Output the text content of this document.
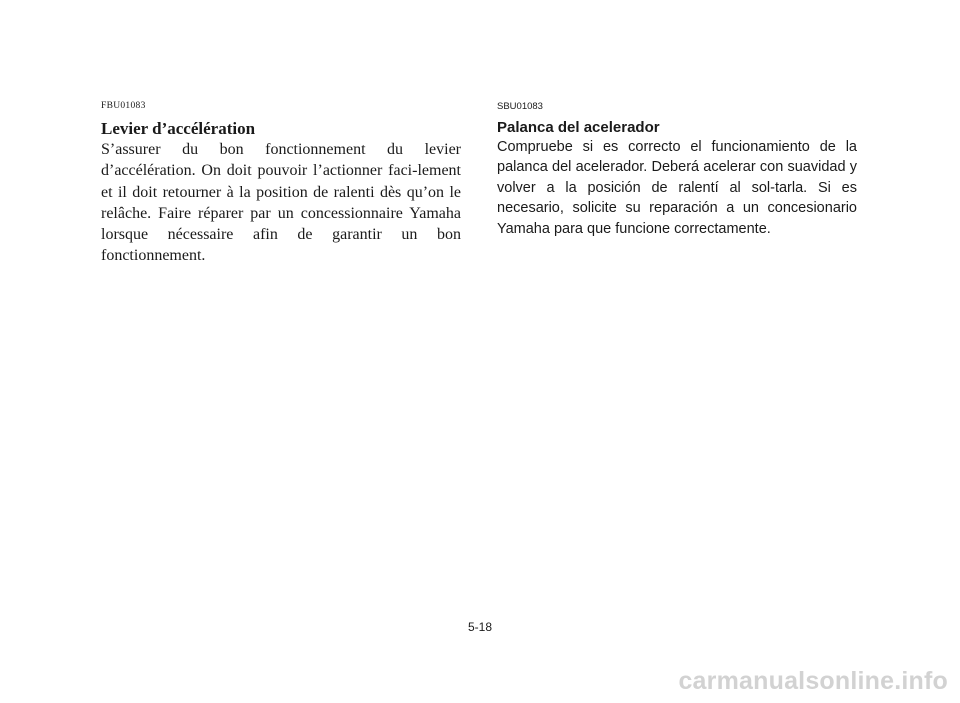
FBU01083
Levier d’accélération
S’assurer du bon fonctionnement du levier d’accélération. On doit pouvoir l’actionner faci-lement et il doit retourner à la position de ralenti dès qu’on le relâche. Faire réparer par un concessionnaire Yamaha lorsque nécessaire afin de garantir un bon fonctionnement.
SBU01083
Palanca del acelerador
Compruebe si es correcto el funcionamiento de la palanca del acelerador. Deberá acelerar con suavidad y volver a la posición de ralentí al sol-tarla. Si es necesario, solicite su reparación a un concesionario Yamaha para que funcione correctamente.
5-18
carmanualsonline.info
